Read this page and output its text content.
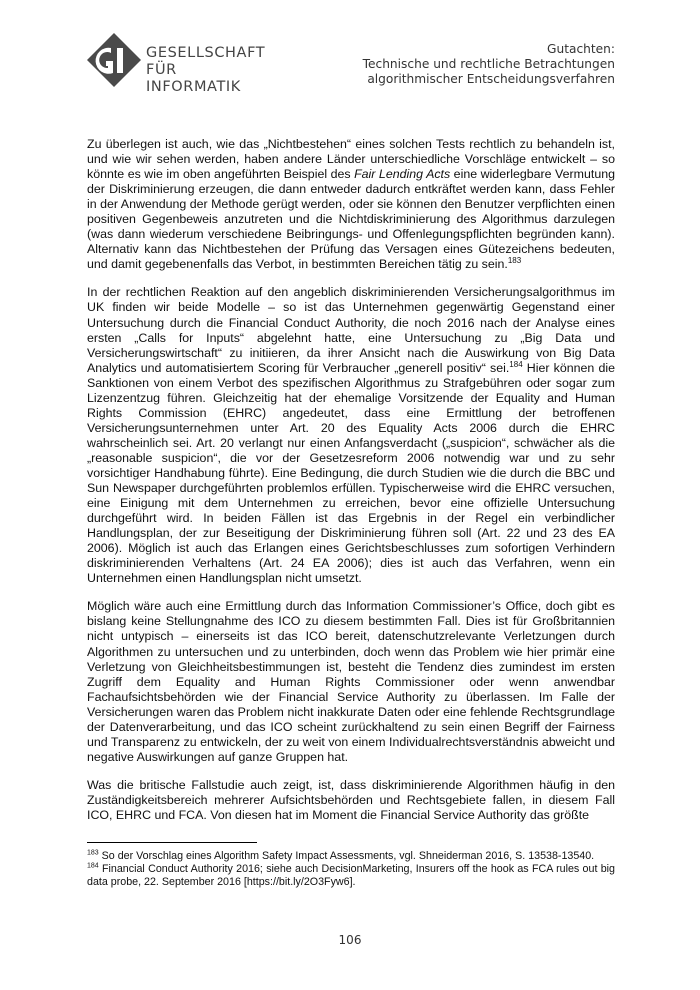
GESELLSCHAFT
FÜR INFORMATIK
Gutachten:
Technische und rechtliche Betrachtungen
algorithmischer Entscheidungsverfahren

Zu überlegen ist auch, wie das „Nichtbestehen“ eines solchen Tests rechtlich zu behandeln ist, und wie wir sehen werden, haben andere Länder unterschiedliche Vorschläge entwickelt – so könnte es wie im oben angeführten Beispiel des Fair Lending Acts eine widerlegbare Vermutung der Diskriminierung erzeugen, die dann entweder dadurch entkräftet werden kann, dass Fehler in der Anwendung der Methode gerügt werden, oder sie können den Benutzer verpflichten einen positiven Gegenbeweis anzutreten und die Nichtdiskriminierung des Algorithmus darzulegen (was dann wiederum verschiedene Beibringungs- und Offenlegungspflichten begründen kann). Alternativ kann das Nichtbestehen der Prüfung das Versagen eines Gütezeichens bedeuten, und damit gegebenenfalls das Verbot, in bestimmten Bereichen tätig zu sein.$^{183}$

In der rechtlichen Reaktion auf den angeblich diskriminierenden Versicherungsalgorithmus im UK finden wir beide Modelle – so ist das Unternehmen gegenwärtig Gegenstand einer Untersuchung durch die Financial Conduct Authority, die noch 2016 nach der Analyse eines ersten „Calls for Inputs“ abgelehnt hatte, eine Untersuchung zu „Big Data und Versicherungswirtschaft“ zu initiieren, da ihrer Ansicht nach die Auswirkung von Big Data Analytics und automatisiertem Scoring für Verbraucher „generell positiv“ sei.$^{184}$ Hier können die Sanktionen von einem Verbot des spezifischen Algorithmus zu Strafgebühren oder sogar zum Lizenzentzug führen. Gleichzeitig hat der ehemalige Vorsitzende der Equality and Human Rights Commission (EHRC) angedeutet, dass eine Ermittlung der betroffenen Versicherungsunternehmen unter Art. 20 des Equality Acts 2006 durch die EHRC wahrscheinlich sei. Art. 20 verlangt nur einen Anfangsverdacht („suspicion“, schwächer als die „reasonable suspicion“, die vor der Gesetzesreform 2006 notwendig war und zu sehr vorsichtiger Handhabung führte). Eine Bedingung, die durch Studien wie die durch die BBC und Sun Newspaper durchgeführten problemlos erfüllen. Typischerweise wird die EHRC versuchen, eine Einigung mit dem Unternehmen zu erreichen, bevor eine offizielle Untersuchung durchgeführt wird. In beiden Fällen ist das Ergebnis in der Regel ein verbindlicher Handlungsplan, der zur Beseitigung der Diskriminierung führen soll (Art. 22 und 23 des EA 2006). Möglich ist auch das Erlangen eines Gerichtsbeschlusses zum sofortigen Verhindern diskriminierenden Verhaltens (Art. 24 EA 2006); dies ist auch das Verfahren, wenn ein Unternehmen einen Handlungsplan nicht umsetzt.

Möglich wäre auch eine Ermittlung durch das Information Commissioner’s Office, doch gibt es bislang keine Stellungnahme des ICO zu diesem bestimmten Fall. Dies ist für Großbritannien nicht untypisch – einerseits ist das ICO bereit, datenschutzrelevante Verletzungen durch Algorithmen zu untersuchen und zu unterbinden, doch wenn das Problem wie hier primär eine Verletzung von Gleichheitsbestimmungen ist, besteht die Tendenz dies zumindest im ersten Zugriff dem Equality and Human Rights Commissioner oder wenn anwendbar Fachaufsichtsbehörden wie der Financial Service Authority zu überlassen. Im Falle der Versicherungen waren das Problem nicht inakkurate Daten oder eine fehlende Rechtsgrundlage der Datenverarbeitung, und das ICO scheint zurückhaltend zu sein einen Begriff der Fairness und Transparenz zu entwickeln, der zu weit von einem Individualrechtsverständnis abweicht und negative Auswirkungen auf ganze Gruppen hat.

Was die britische Fallstudie auch zeigt, ist, dass diskriminierende Algorithmen häufig in den Zuständigkeitsbereich mehrerer Aufsichtsbehörden und Rechtsgebiete fallen, in diesem Fall ICO, EHRC und FCA. Von diesen hat im Moment die Financial Service Authority das größte

$^{183}$ So der Vorschlag eines Algorithm Safety Impact Assessments, vgl. Shneiderman 2016, S. 13538-13540.

$^{184}$ Financial Conduct Authority 2016; siehe auch DecisionMarketing, Insurers off the hook as FCA rules out big data probe, 22. September 2016 [https://bit.ly/2O3Fyw6].

106
